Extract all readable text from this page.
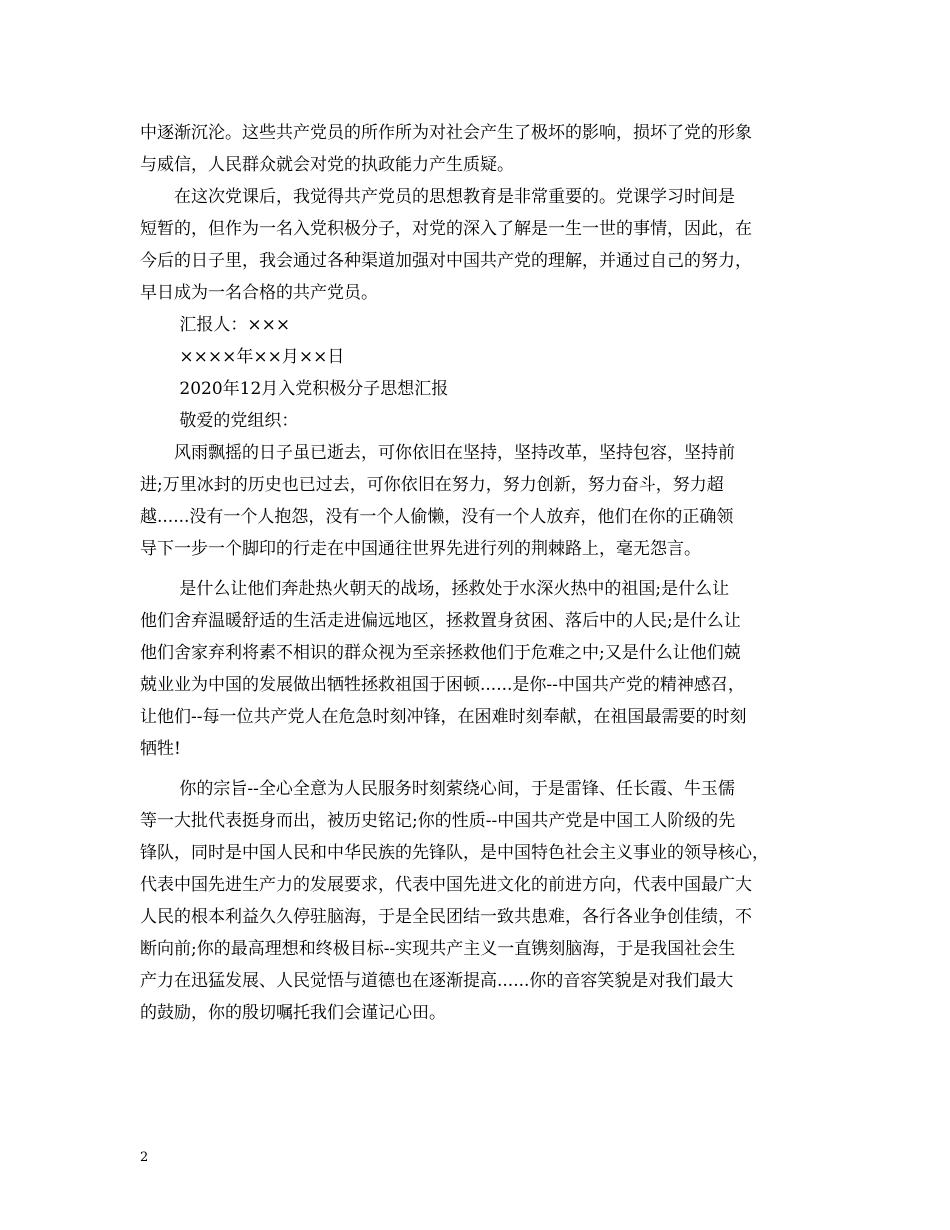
中逐渐沉沦。这些共产党员的所作所为对社会产生了极坏的影响，损坏了党的形象
与威信，人民群众就会对党的执政能力产生质疑。
　　在这次党课后，我觉得共产党员的思想教育是非常重要的。党课学习时间是
短暂的，但作为一名入党积极分子，对党的深入了解是一生一世的事情，因此，在
今后的日子里，我会通过各种渠道加强对中国共产党的理解，并通过自己的努力，
早日成为一名合格的共产党员。
　　 汇报人：×××
　　 ××××年××月××日
　　 2020年12月入党积极分子思想汇报
　　 敬爱的党组织：
　　风雨飘摇的日子虽已逝去，可你依旧在坚持，坚持改革，坚持包容，坚持前
进;万里冰封的历史也已过去，可你依旧在努力，努力创新，努力奋斗，努力超
越......没有一个人抱怨，没有一个人偷懒，没有一个人放弃，他们在你的正确领
导下一步一个脚印的行走在中国通往世界先进行列的荆棘路上，毫无怨言。
　　 是什么让他们奔赴热火朝天的战场，拯救处于水深火热中的祖国;是什么让
他们舍弃温暖舒适的生活走进偏远地区，拯救置身贫困、落后中的人民;是什么让
他们舍家弃利将素不相识的群众视为至亲拯救他们于危难之中;又是什么让他们兢
兢业业为中国的发展做出牺牲拯救祖国于困顿......是你--中国共产党的精神感召，
让他们--每一位共产党人在危急时刻冲锋，在困难时刻奉献，在祖国最需要的时刻
牺牲!
　　 你的宗旨--全心全意为人民服务时刻萦绕心间，于是雷锋、任长霞、牛玉儒
等一大批代表挺身而出，被历史铭记;你的性质--中国共产党是中国工人阶级的先
锋队，同时是中国人民和中华民族的先锋队，是中国特色社会主义事业的领导核心，
代表中国先进生产力的发展要求，代表中国先进文化的前进方向，代表中国最广大
人民的根本利益久久停驻脑海，于是全民团结一致共患难，各行各业争创佳绩，不
断向前;你的最高理想和终极目标--实现共产主义一直镌刻脑海，于是我国社会生
产力在迅猛发展、人民觉悟与道德也在逐渐提高......你的音容笑貌是对我们最大
的鼓励，你的殷切嘱托我们会谨记心田。
2
